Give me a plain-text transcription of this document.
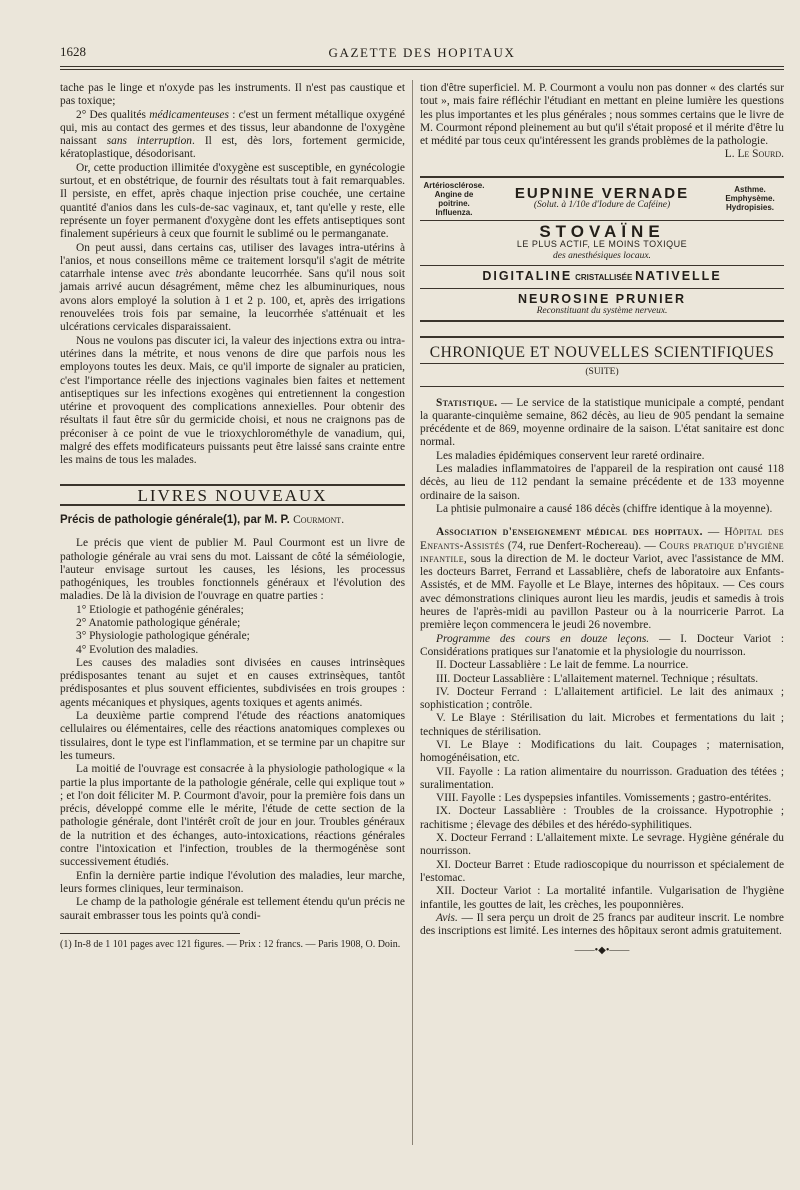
1628	GAZETTE DES HOPITAUX

tache pas le linge et n'oxyde pas les instruments. Il n'est pas caustique et pas toxique;

2° Des qualités médicamenteuses : c'est un ferment métallique oxygéné qui, mis au contact des germes et des tissus, leur abandonne de l'oxygène naissant sans interruption. Il est, dès lors, fortement germicide, kératoplastique, désodorisant.

Or, cette production illimitée d'oxygène est susceptible, en gynécologie surtout, et en obstétrique, de fournir des résultats tout à fait remarquables. Il persiste, en effet, après chaque injection prise couchée, une certaine quantité d'anios dans les culs-de-sac vaginaux, et, tant qu'elle y reste, elle représente un foyer permanent d'oxygène dont les effets antiseptiques sont finalement supérieurs à ceux que fournit le sublimé ou le permanganate.

On peut aussi, dans certains cas, utiliser des lavages intra-utérins à l'anios, et nous conseillons même ce traitement lorsqu'il s'agit de métrite catarrhale intense avec très abondante leucorrhée. Sans qu'il nous soit jamais arrivé aucun désagrément, même chez les albuminuriques, nous avons alors employé la solution à 1 et 2 p. 100, et, après des irrigations renouvelées trois fois par semaine, la leucorrhée s'atténuait et les ulcérations cervicales disparaissaient.

Nous ne voulons pas discuter ici, la valeur des injections extra ou intra-utérines dans la métrite, et nous venons de dire que parfois nous les employons toutes les deux. Mais, ce qu'il importe de signaler au praticien, c'est l'importance réelle des injections vaginales bien faites et nettement antiseptiques sur les infections exogènes qui entretiennent la congestion utérine et provoquent des complications annexielles. Pour obtenir des résultats il faut être sûr du germicide choisi, et nous ne craignons pas de préconiser à ce point de vue le trioxychlorométhyle de vanadium, qui, malgré des effets modificateurs puissants peut être laissé sans crainte entre les mains de tous les malades.

LIVRES NOUVEAUX
Précis de pathologie générale(1), par M. P. Courmont.

Le précis que vient de publier M. Paul Courmont est un livre de pathologie générale au vrai sens du mot. Laissant de côté la séméiologie, l'auteur envisage surtout les causes, les lésions, les processus pathogéniques, les troubles fonctionnels généraux et l'évolution des maladies. De là la division de l'ouvrage en quatre parties :

1° Etiologie et pathogénie générales;

2° Anatomie pathologique générale;

3° Physiologie pathologique générale;

4° Evolution des maladies.

Les causes des maladies sont divisées en causes intrinsèques prédisposantes tenant au sujet et en causes extrinsèques, tantôt prédisposantes et plus souvent efficientes, subdivisées en trois groupes : agents mécaniques et physiques, agents toxiques et agents animés.

La deuxième partie comprend l'étude des réactions anatomiques cellulaires ou élémentaires, celle des réactions anatomiques complexes ou tissulaires, dont le type est l'inflammation, et se termine par un chapitre sur les tumeurs.

La moitié de l'ouvrage est consacrée à la physiologie pathologique « la partie la plus importante de la pathologie générale, celle qui explique tout » ; et l'on doit féliciter M. P. Courmont d'avoir, pour la première fois dans un précis, développé comme elle le mérite, l'étude de cette section de la pathologie générale, dont l'intérêt croît de jour en jour. Troubles généraux de la nutrition et des échanges, auto-intoxications, réactions générales contre l'intoxication et l'infection, troubles de la thermogénèse sont successivement étudiés.

Enfin la dernière partie indique l'évolution des maladies, leur marche, leurs formes cliniques, leur terminaison.

Le champ de la pathologie générale est tellement étendu qu'un précis ne saurait embrasser tous les points qu'à condi-

(1) In-8 de 1 101 pages avec 121 figures. — Prix : 12 francs. — Paris 1908, O. Doin.

tion d'être superficiel. M. P. Courmont a voulu non pas donner « des clartés sur tout », mais faire réfléchir l'étudiant en mettant en pleine lumière les questions les plus importantes et les plus générales ; nous sommes certains que le livre de M. Courmont répond pleinement au but qu'il s'était proposé et il mérite d'être lu et médité par tous ceux qu'intéressent les grands problèmes de la pathologie.

L. Le Sourd.
Artériosclérose. Angine de poitrine. Influenza.
EUPNINE VERNADE
(Solut. à 1/10e d'Iodure de Caféine)
Asthme. Emphysème. Hydropisies.
STOVAÏNE
LE PLUS ACTIF, LE MOINS TOXIQUE
des anesthésiques locaux.
DIGITALINE CRISTALLISÉE NATIVELLE
NEUROSINE PRUNIER
Reconstituant du système nerveux.
CHRONIQUE ET NOUVELLES SCIENTIFIQUES
(SUITE)

Statistique. — Le service de la statistique municipale a compté, pendant la quarante-cinquième semaine, 862 décès, au lieu de 905 pendant la semaine précédente et de 869, moyenne ordinaire de la saison. L'état sanitaire est donc normal.

Les maladies épidémiques conservent leur rareté ordinaire.

Les maladies inflammatoires de l'appareil de la respiration ont causé 118 décès, au lieu de 112 pendant la semaine précédente et de 133 moyenne ordinaire de la saison.

La phtisie pulmonaire a causé 186 décès (chiffre identique à la moyenne).

Association d'enseignement médical des hopitaux. — Hôpital des Enfants-Assistés (74, rue Denfert-Rochereau). — Cours pratique d'hygiène infantile, sous la direction de M. le docteur Variot, avec l'assistance de MM. les docteurs Barret, Ferrand et Lassablière, chefs de laboratoire aux Enfants-Assistés, et de MM. Fayolle et Le Blaye, internes des hôpitaux. — Ces cours avec démonstrations cliniques auront lieu les mardis, jeudis et samedis à trois heures de l'après-midi au pavillon Pasteur ou à la nourricerie Parrot. La première leçon commencera le jeudi 26 novembre.

Programme des cours en douze leçons. — I. Docteur Variot : Considérations pratiques sur l'anatomie et la physiologie du nourrisson.

II. Docteur Lassablière : Le lait de femme. La nourrice.

III. Docteur Lassablière : L'allaitement maternel. Technique ; résultats.

IV. Docteur Ferrand : L'allaitement artificiel. Le lait des animaux ; sophistication ; contrôle.

V. Le Blaye : Stérilisation du lait. Microbes et fermentations du lait ; techniques de stérilisation.

VI. Le Blaye : Modifications du lait. Coupages ; maternisation, homogénéisation, etc.

VII. Fayolle : La ration alimentaire du nourrisson. Graduation des tétées ; suralimentation.

VIII. Fayolle : Les dyspepsies infantiles. Vomissements ; gastro-entérites.

IX. Docteur Lassablière : Troubles de la croissance. Hypotrophie ; rachitisme ; élevage des débiles et des hérédo-syphilitiques.

X. Docteur Ferrand : L'allaitement mixte. Le sevrage. Hygiène générale du nourrisson.

XI. Docteur Barret : Etude radioscopique du nourrisson et spécialement de l'estomac.

XII. Docteur Variot : La mortalité infantile. Vulgarisation de l'hygiène infantile, les gouttes de lait, les crèches, les pouponnières.

Avis. — Il sera perçu un droit de 25 francs par auditeur inscrit. Le nombre des inscriptions est limité. Les internes des hôpitaux seront admis gratuitement.

——•◆•——
